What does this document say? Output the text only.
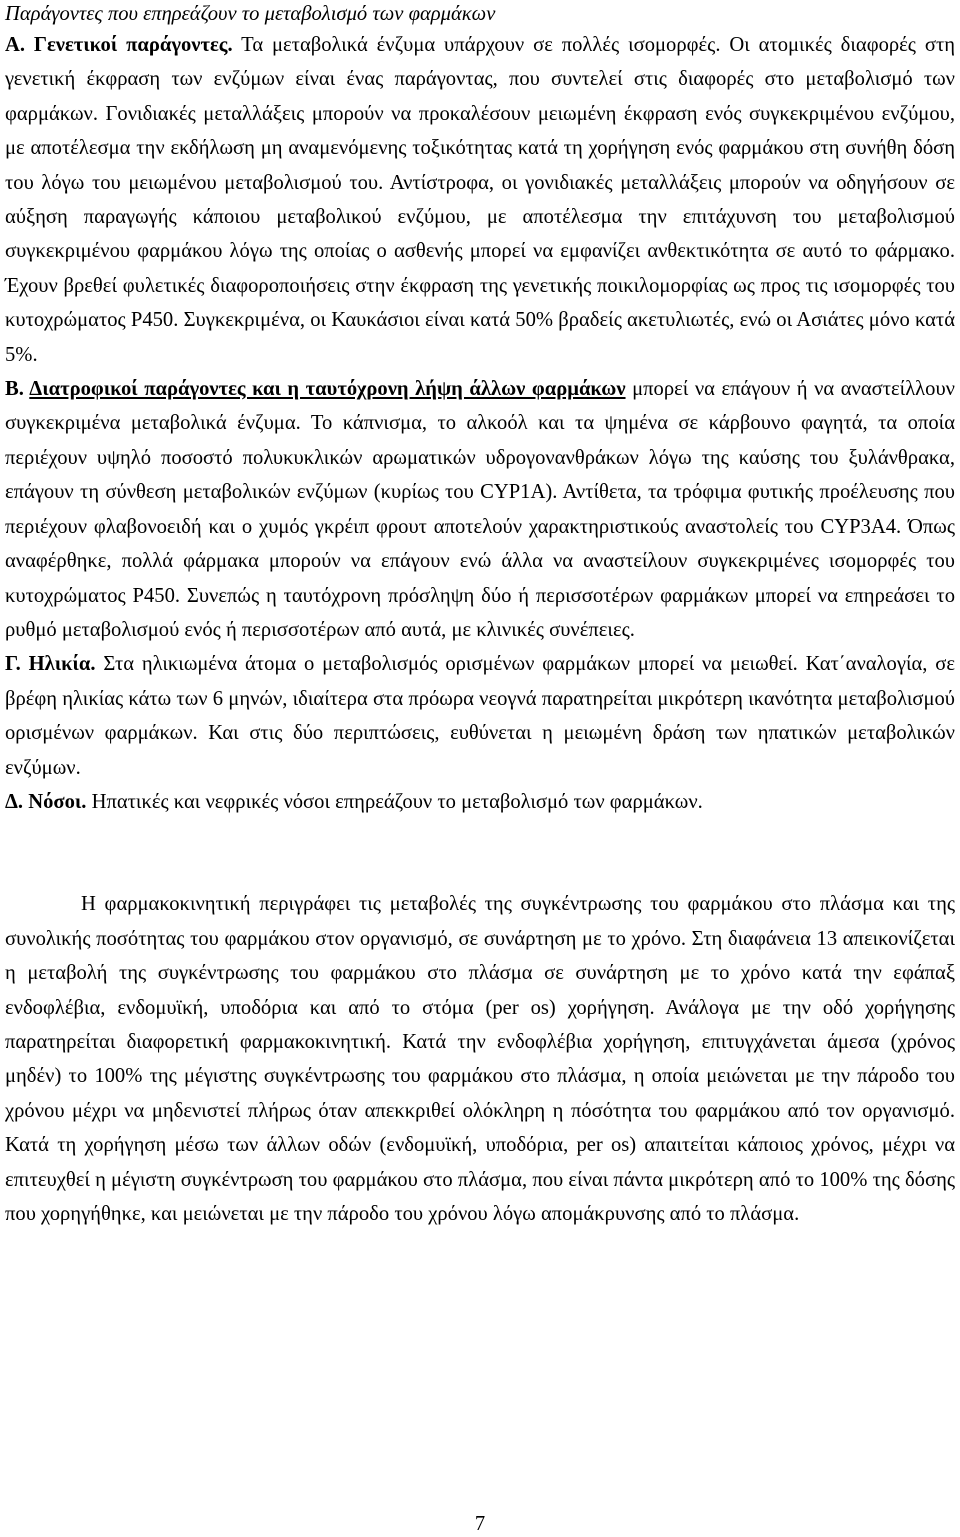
Παράγοντες που επηρεάζουν το μεταβολισμό των φαρμάκων

Α. Γενετικοί παράγοντες. Τα μεταβολικά ένζυμα υπάρχουν σε πολλές ισομορφές. Οι ατομικές διαφορές στη γενετική έκφραση των ενζύμων είναι ένας παράγοντας, που συντελεί στις διαφορές στο μεταβολισμό των φαρμάκων. Γονιδιακές μεταλλάξεις μπορούν να προκαλέσουν μειωμένη έκφραση ενός συγκεκριμένου ενζύμου, με αποτέλεσμα την εκδήλωση μη αναμενόμενης τοξικότητας κατά τη χορήγηση ενός φαρμάκου στη συνήθη δόση του λόγω του μειωμένου μεταβολισμού του. Αντίστροφα, οι γονιδιακές μεταλλάξεις μπορούν να οδηγήσουν σε αύξηση παραγωγής κάποιου μεταβολικού ενζύμου, με αποτέλεσμα την επιτάχυνση του μεταβολισμού συγκεκριμένου φαρμάκου λόγω της οποίας ο ασθενής μπορεί να εμφανίζει ανθεκτικότητα σε αυτό το φάρμακο. Έχουν βρεθεί φυλετικές διαφοροποιήσεις στην έκφραση της γενετικής ποικιλομορφίας ως προς τις ισομορφές του κυτοχρώματος Ρ450. Συγκεκριμένα, οι Καυκάσιοι είναι κατά 50% βραδείς ακετυλιωτές, ενώ οι Ασιάτες μόνο κατά 5%.

Β. Διατροφικοί παράγοντες και η ταυτόχρονη λήψη άλλων φαρμάκων μπορεί να επάγουν ή να αναστείλλουν συγκεκριμένα μεταβολικά ένζυμα. Το κάπνισμα, το αλκοόλ και τα ψημένα σε κάρβουνο φαγητά, τα οποία περιέχουν υψηλό ποσοστό πολυκυκλικών αρωματικών υδρογονανθράκων λόγω της καύσης του ξυλάνθρακα, επάγουν τη σύνθεση μεταβολικών ενζύμων (κυρίως του CYP1A). Αντίθετα, τα τρόφιμα φυτικής προέλευσης που περιέχουν φλαβονοειδή και ο χυμός γκρέιπ φρουτ αποτελούν χαρακτηριστικούς αναστολείς του CYP3A4. Όπως αναφέρθηκε, πολλά φάρμακα μπορούν να επάγουν ενώ άλλα να αναστείλουν συγκεκριμένες ισομορφές του κυτοχρώματος Ρ450. Συνεπώς η ταυτόχρονη πρόσληψη δύο ή περισσοτέρων φαρμάκων μπορεί να επηρεάσει το ρυθμό μεταβολισμού ενός ή περισσοτέρων από αυτά, με κλινικές συνέπειες.

Γ. Ηλικία. Στα ηλικιωμένα άτομα ο μεταβολισμός ορισμένων φαρμάκων μπορεί να μειωθεί. Κατ΄αναλογία, σε βρέφη ηλικίας κάτω των 6 μηνών, ιδιαίτερα στα πρόωρα νεογνά παρατηρείται μικρότερη ικανότητα μεταβολισμού ορισμένων φαρμάκων. Και στις δύο περιπτώσεις, ευθύνεται η μειωμένη δράση των ηπατικών μεταβολικών ενζύμων.

Δ. Νόσοι. Ηπατικές και νεφρικές νόσοι επηρεάζουν το μεταβολισμό των φαρμάκων.

Η φαρμακοκινητική περιγράφει τις μεταβολές της συγκέντρωσης του φαρμάκου στο πλάσμα και της συνολικής ποσότητας του φαρμάκου στον οργανισμό, σε συνάρτηση με το χρόνο. Στη διαφάνεια 13 απεικονίζεται η μεταβολή της συγκέντρωσης του φαρμάκου στο πλάσμα σε συνάρτηση με το χρόνο κατά την εφάπαξ ενδοφλέβια, ενδομυϊκή, υποδόρια και από το στόμα (per os) χορήγηση. Ανάλογα με την οδό χορήγησης παρατηρείται διαφορετική φαρμακοκινητική. Κατά την ενδοφλέβια χορήγηση, επιτυγχάνεται άμεσα (χρόνος μηδέν) το 100% της μέγιστης συγκέντρωσης του φαρμάκου στο πλάσμα, η οποία μειώνεται με την πάροδο του χρόνου μέχρι να μηδενιστεί πλήρως όταν απεκκριθεί ολόκληρη η πόσότητα του φαρμάκου από τον οργανισμό. Κατά τη χορήγηση μέσω των άλλων οδών (ενδομυϊκή, υποδόρια, per os) απαιτείται κάποιος χρόνος, μέχρι να επιτευχθεί η μέγιστη συγκέντρωση του φαρμάκου στο πλάσμα, που είναι πάντα μικρότερη από το 100% της δόσης που χορηγήθηκε, και μειώνεται με την πάροδο του χρόνου λόγω απομάκρυνσης από το πλάσμα.

7
